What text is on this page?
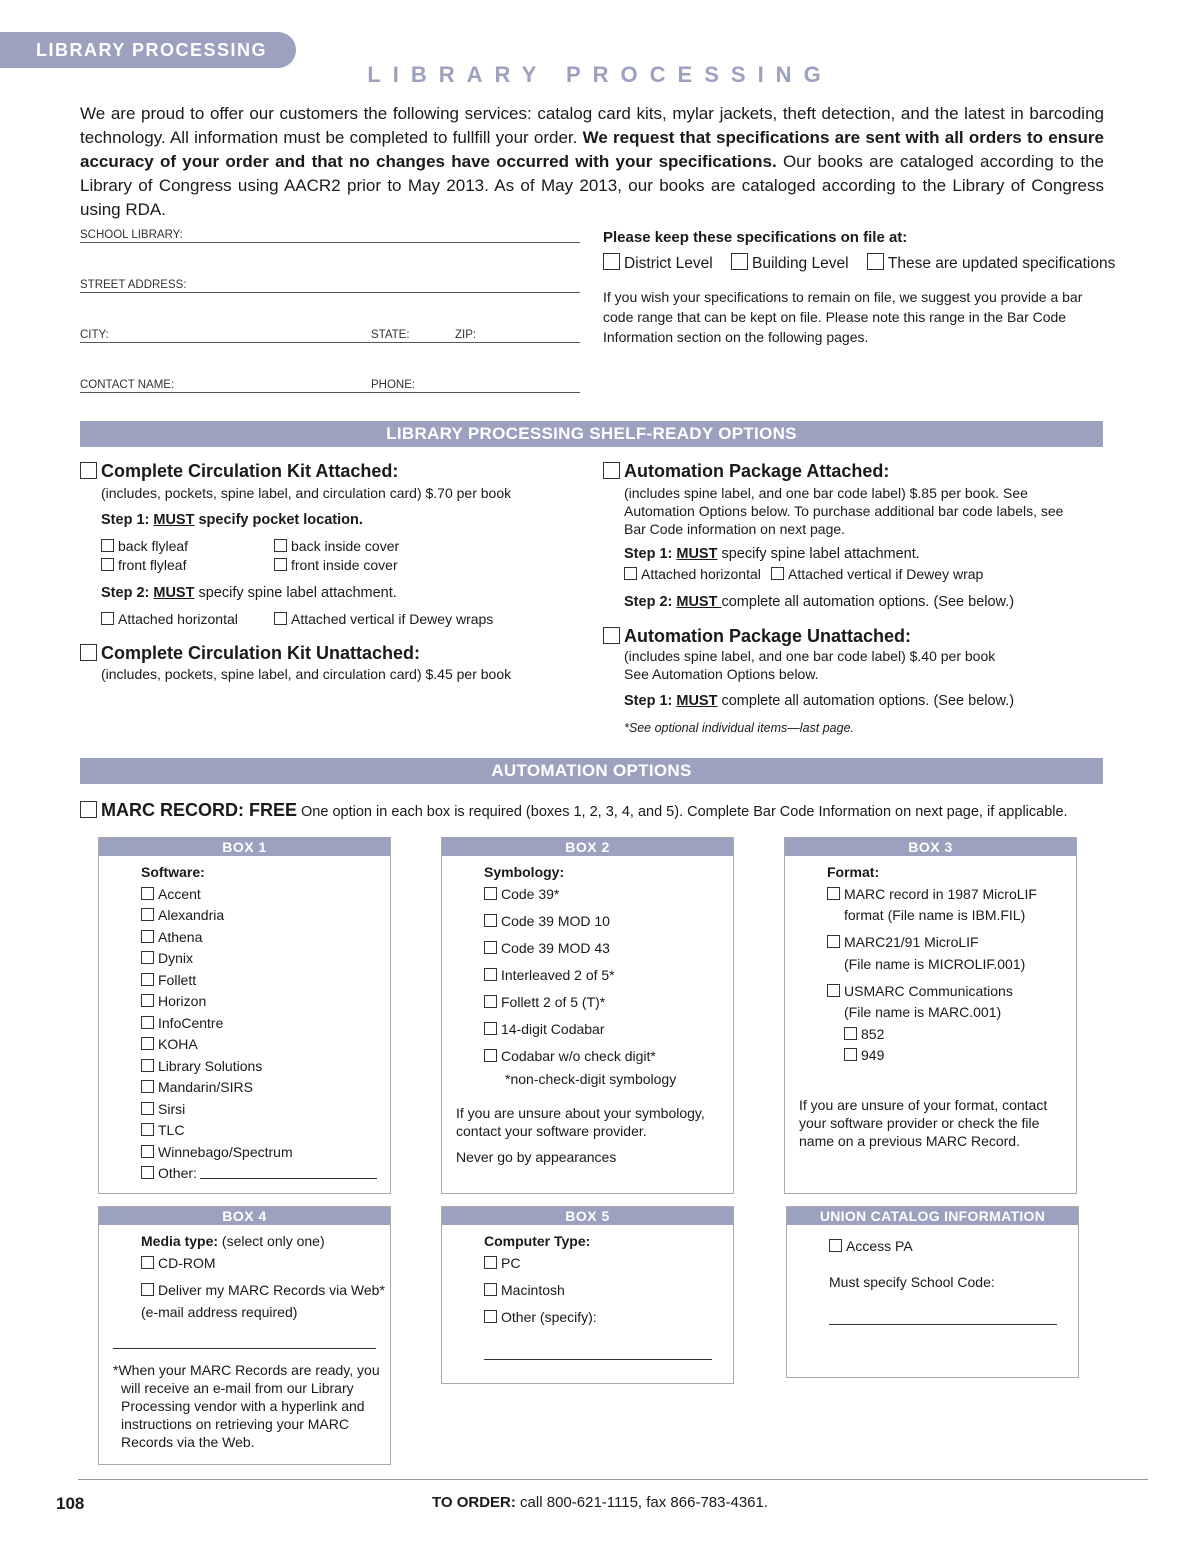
LIBRARY PROCESSING
LIBRARY PROCESSING
We are proud to offer our customers the following services: catalog card kits, mylar jackets, theft detection, and the latest in barcoding technology. All information must be completed to fullfill your order. We request that specifications are sent with all orders to ensure accuracy of your order and that no changes have occurred with your specifications. Our books are cataloged according to the Library of Congress using AACR2 prior to May 2013. As of May 2013, our books are cataloged according to the Library of Congress using RDA.
SCHOOL LIBRARY:
STREET ADDRESS:
CITY:	STATE:	ZIP:
CONTACT NAME:	PHONE:
Please keep these specifications on file at:
District Level	Building Level	These are updated specifications
If you wish your specifications to remain on file, we suggest you provide a bar code range that can be kept on file. Please note this range in the Bar Code Information section on the following pages.
LIBRARY PROCESSING SHELF-READY OPTIONS
Complete Circulation Kit Attached:
(includes, pockets, spine label, and circulation card) $.70 per book
Step 1: MUST specify pocket location.
back flyleaf	back inside cover
front flyleaf	front inside cover
Step 2: MUST specify spine label attachment.
Attached horizontal	Attached vertical if Dewey wraps
Complete Circulation Kit Unattached:
(includes, pockets, spine label, and circulation card) $.45 per book
Automation Package Attached:
(includes spine label, and one bar code label) $.85 per book. See Automation Options below. To purchase additional bar code labels, see Bar Code information on next page.
Step 1: MUST specify spine label attachment.
Attached horizontal	Attached vertical if Dewey wrap
Step 2: MUST complete all automation options. (See below.)
Automation Package Unattached:
(includes spine label, and one bar code label) $.40 per book
See Automation Options below.
Step 1: MUST complete all automation options. (See below.)
*See optional individual items—last page.
AUTOMATION OPTIONS
MARC RECORD: FREE One option in each box is required (boxes 1, 2, 3, 4, and 5). Complete Bar Code Information on next page, if applicable.
BOX 1
Software:
Accent
Alexandria
Athena
Dynix
Follett
Horizon
InfoCentre
KOHA
Library Solutions
Mandarin/SIRS
Sirsi
TLC
Winnebago/Spectrum
Other:
BOX 2
Symbology:
Code 39*
Code 39 MOD 10
Code 39 MOD 43
Interleaved 2 of 5*
Follett 2 of 5 (T)*
14-digit Codabar
Codabar w/o check digit*
*non-check-digit symbology
If you are unsure about your symbology, contact your software provider.
Never go by appearances
BOX 3
Format:
MARC record in 1987 MicroLIF
format (File name is IBM.FIL)
MARC21/91 MicroLIF
(File name is MICROLIF.001)
USMARC Communications
(File name is MARC.001)
852
949
If you are unsure of your format, contact your software provider or check the file name on a previous MARC Record.
BOX 4
Media type: (select only one)
CD-ROM
Deliver my MARC Records via Web*
(e-mail address required)
*When your MARC Records are ready, you will receive an e-mail from our Library Processing vendor with a hyperlink and instructions on retrieving your MARC Records via the Web.
BOX 5
Computer Type:
PC
Macintosh
Other (specify):
UNION CATALOG INFORMATION
Access PA
Must specify School Code:
108	TO ORDER: call 800-621-1115, fax 866-783-4361.
